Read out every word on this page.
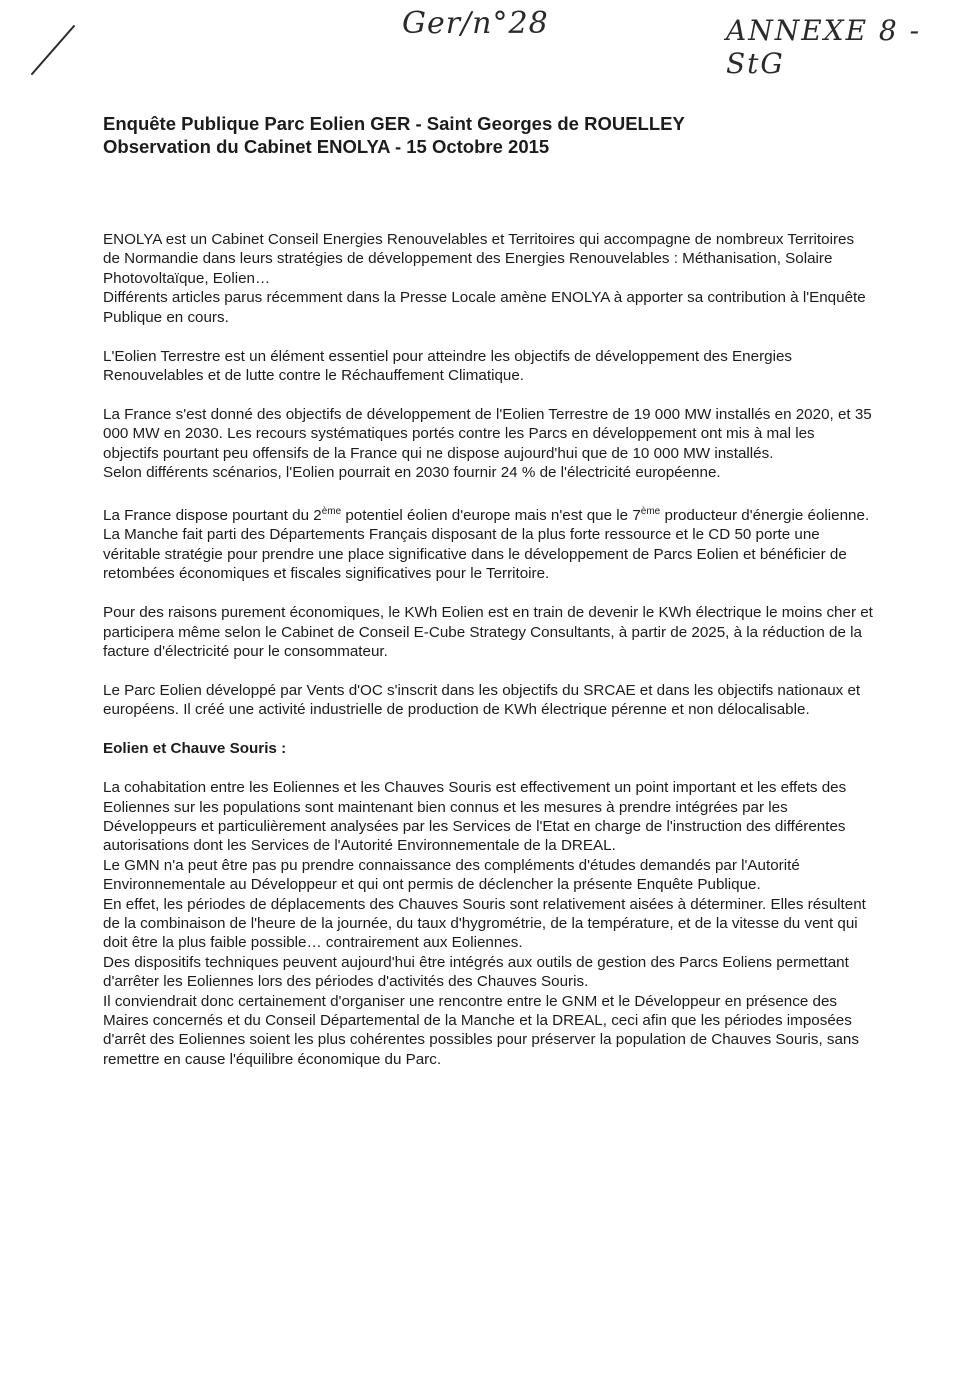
Ger/n°28	ANNEXE 8 - StG
Enquête Publique Parc Eolien GER - Saint Georges de ROUELLEY
Observation du Cabinet ENOLYA - 15 Octobre 2015

ENOLYA est un Cabinet Conseil Energies Renouvelables et Territoires qui accompagne de nombreux Territoires de Normandie dans leurs stratégies de développement des Energies Renouvelables : Méthanisation, Solaire Photovoltaïque, Eolien…

Différents articles parus récemment dans la Presse Locale amène ENOLYA à apporter sa contribution à l'Enquête Publique en cours.

L'Eolien Terrestre est un élément essentiel pour atteindre les objectifs de développement des Energies Renouvelables et de lutte contre le Réchauffement Climatique.

La France s'est donné des objectifs de développement de l'Eolien Terrestre de 19 000 MW installés en 2020, et 35 000 MW en 2030. Les recours systématiques portés contre les Parcs en développement ont mis à mal les objectifs pourtant peu offensifs de la France qui ne dispose aujourd'hui que de 10 000 MW installés.

Selon différents scénarios, l'Eolien pourrait en 2030 fournir 24 % de l'électricité européenne.

La France dispose pourtant du 2ème potentiel éolien d'europe mais n'est que le 7ème producteur d'énergie éolienne. La Manche fait parti des Départements Français disposant de la plus forte ressource et le CD 50 porte une véritable stratégie pour prendre une place significative dans le développement de Parcs Eolien et bénéficier de retombées économiques et fiscales significatives pour le Territoire.

Pour des raisons purement économiques, le KWh Eolien est en train de devenir le KWh électrique le moins cher et participera même selon le Cabinet de Conseil E-Cube Strategy Consultants, à partir de 2025, à la réduction de la facture d'électricité pour le consommateur.

Le Parc Eolien développé par Vents d'OC s'inscrit dans les objectifs du SRCAE et dans les objectifs nationaux et européens. Il créé une activité industrielle de production de KWh électrique pérenne et non délocalisable.

Eolien et Chauve Souris :

La cohabitation entre les Eoliennes et les Chauves Souris est effectivement un point important et les effets des Eoliennes sur les populations sont maintenant bien connus et les mesures à prendre intégrées par les Développeurs et particulièrement analysées par les Services de l'Etat en charge de l'instruction des différentes autorisations dont les Services de l'Autorité Environnementale de la DREAL.

Le GMN n'a peut être pas pu prendre connaissance des compléments d'études demandés par l'Autorité Environnementale au Développeur et qui ont permis de déclencher la présente Enquête Publique.

En effet, les périodes de déplacements des Chauves Souris sont relativement aisées à déterminer. Elles résultent de la combinaison de l'heure de la journée, du taux d'hygrométrie, de la température, et de la vitesse du vent qui doit être la plus faible possible… contrairement aux Eoliennes.

Des dispositifs techniques peuvent aujourd'hui être intégrés aux outils de gestion des Parcs Eoliens permettant d'arrêter les Eoliennes lors des périodes d'activités des Chauves Souris.

Il conviendrait donc certainement d'organiser une rencontre entre le GNM et le Développeur en présence des Maires concernés et du Conseil Départemental de la Manche et la DREAL, ceci afin que les périodes imposées d'arrêt des Eoliennes soient les plus cohérentes possibles pour préserver la population de Chauves Souris, sans remettre en cause l'équilibre économique du Parc.
